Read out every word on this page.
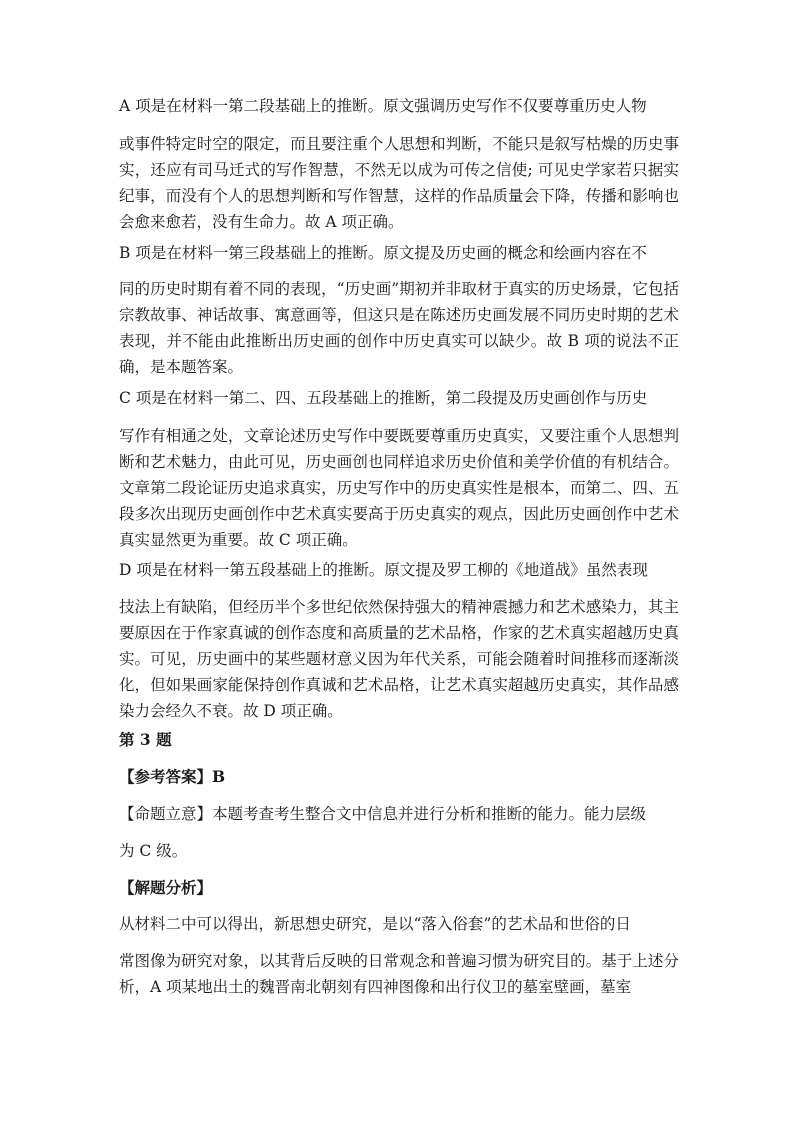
A 项是在材料一第二段基础上的推断。原文强调历史写作不仅要尊重历史人物

或事件特定时空的限定，而且要注重个人思想和判断，不能只是叙写枯燥的历史事实，还应有司马迁式的写作智慧，不然无以成为可传之信使; 可见史学家若只据实纪事，而没有个人的思想判断和写作智慧，这样的作品质量会下降，传播和影响也会愈来愈若，没有生命力。故 A 项正确。

B 项是在材料一第三段基础上的推断。原文提及历史画的概念和绘画内容在不

同的历史时期有着不同的表现，“历史画”期初并非取材于真实的历史场景，它包括宗教故事、神话故事、寓意画等，但这只是在陈述历史画发展不同历史时期的艺术表现，并不能由此推断出历史画的创作中历史真实可以缺少。故 B 项的说法不正确，是本题答案。

C 项是在材料一第二、四、五段基础上的推断，第二段提及历史画创作与历史

写作有相通之处，文章论述历史写作中要既要尊重历史真实，又要注重个人思想判断和艺术魅力，由此可见，历史画创也同样追求历史价值和美学价值的有机结合。文章第二段论证历史追求真实，历史写作中的历史真实性是根本，而第二、四、五段多次出现历史画创作中艺术真实要高于历史真实的观点，因此历史画创作中艺术真实显然更为重要。故 C 项正确。

D 项是在材料一第五段基础上的推断。原文提及罗工柳的《地道战》虽然表现

技法上有缺陷，但经历半个多世纪依然保持强大的精神震撼力和艺术感染力，其主要原因在于作家真诚的创作态度和高质量的艺术品格，作家的艺术真实超越历史真实。可见，历史画中的某些题材意义因为年代关系，可能会随着时间推移而逐渐淡化，但如果画家能保持创作真诚和艺术品格，让艺术真实超越历史真实，其作品感染力会经久不衰。故 D 项正确。

第 3 题

【参考答案】B

【命题立意】本题考查考生整合文中信息并进行分析和推断的能力。能力层级

为 C 级。

【解题分析】

从材料二中可以得出，新思想史研究，是以“落入俗套”的艺术品和世俗的日

常图像为研究对象，以其背后反映的日常观念和普遍习惯为研究目的。基于上述分析，A 项某地出土的魏晋南北朝刻有四神图像和出行仪卫的墓室壁画，墓室
